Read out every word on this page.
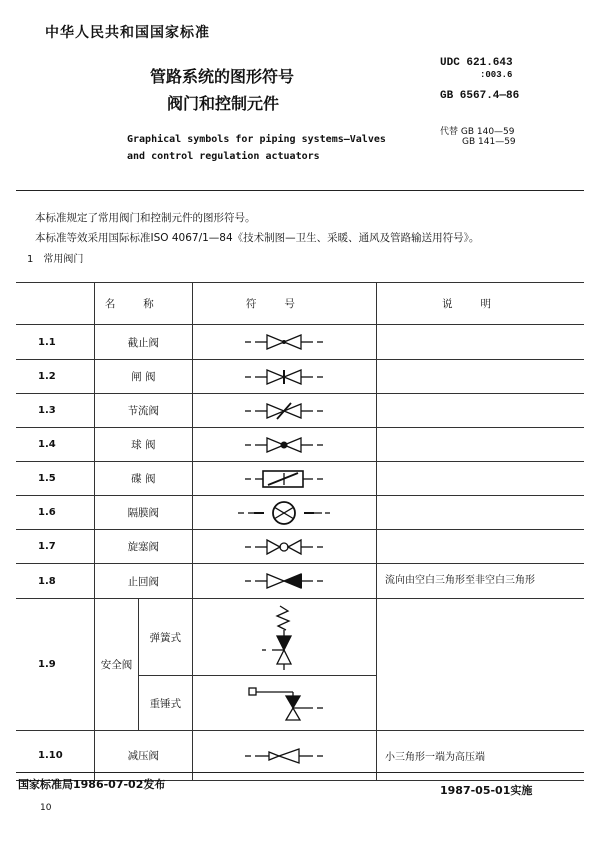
中华人民共和国国家标准
UDC 621.643
:003.6
GB 6567.4—86
代替 GB 140—59
GB 141—59
管路系统的图形符号
阀门和控制元件
Graphical symbols for piping systems—Valves
and control regulation actuators
本标准规定了常用阀门和控制元件的图形符号。
本标准等效采用国际标准ISO 4067/1—84《技术制图—卫生、采暖、通风及管路输送用符号》。
1 常用阀门
	名称		符号	说明
1.1	截止阀	

1.2	闸 阀	

1.3	节流阀	

1.4	球 阀	

1.5	碟 阀	

1.6	隔膜阀	

1.7	旋塞阀	

1.8	止回阀			流向由空白三角形至非空白三角形
1.9	安全阀	弹簧式	

		重锤式	

1.10	减压阀			小三角形一端为高压端
国家标准局1986-07-02发布	1987-05-01实施
10
